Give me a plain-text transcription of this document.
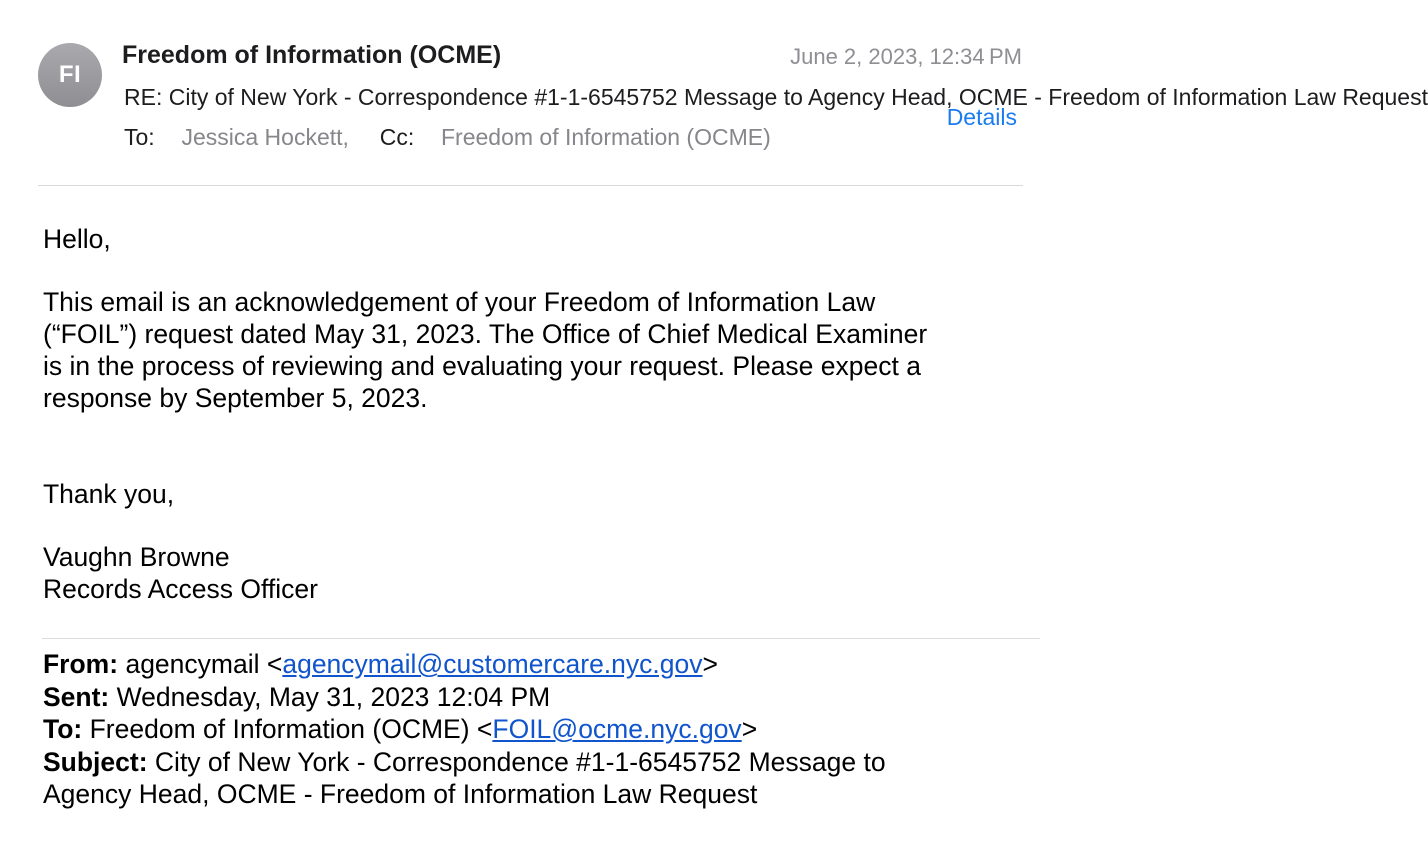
FI
Freedom of Information (OCME)	June 2, 2023, 12:34 PM
RE: City of New York - Correspondence #1-1-6545752 Message to Agency Head, OCME - Freedom of Information Law Request
Details
To: Jessica Hockett, Cc: Freedom of Information (OCME)
Hello,

This email is an acknowledgement of your Freedom of Information Law

(“FOIL”) request dated May 31, 2023. The Office of Chief Medical Examiner

is in the process of reviewing and evaluating your request. Please expect a

response by September 5, 2023.

Thank you,

Vaughn Browne

Records Access Officer

From: agencymail <agencymail@customercare.nyc.gov>

Sent: Wednesday, May 31, 2023 12:04 PM

To: Freedom of Information (OCME) <FOIL@ocme.nyc.gov>

Subject: City of New York - Correspondence #1-1-6545752 Message to

Agency Head, OCME - Freedom of Information Law Request
